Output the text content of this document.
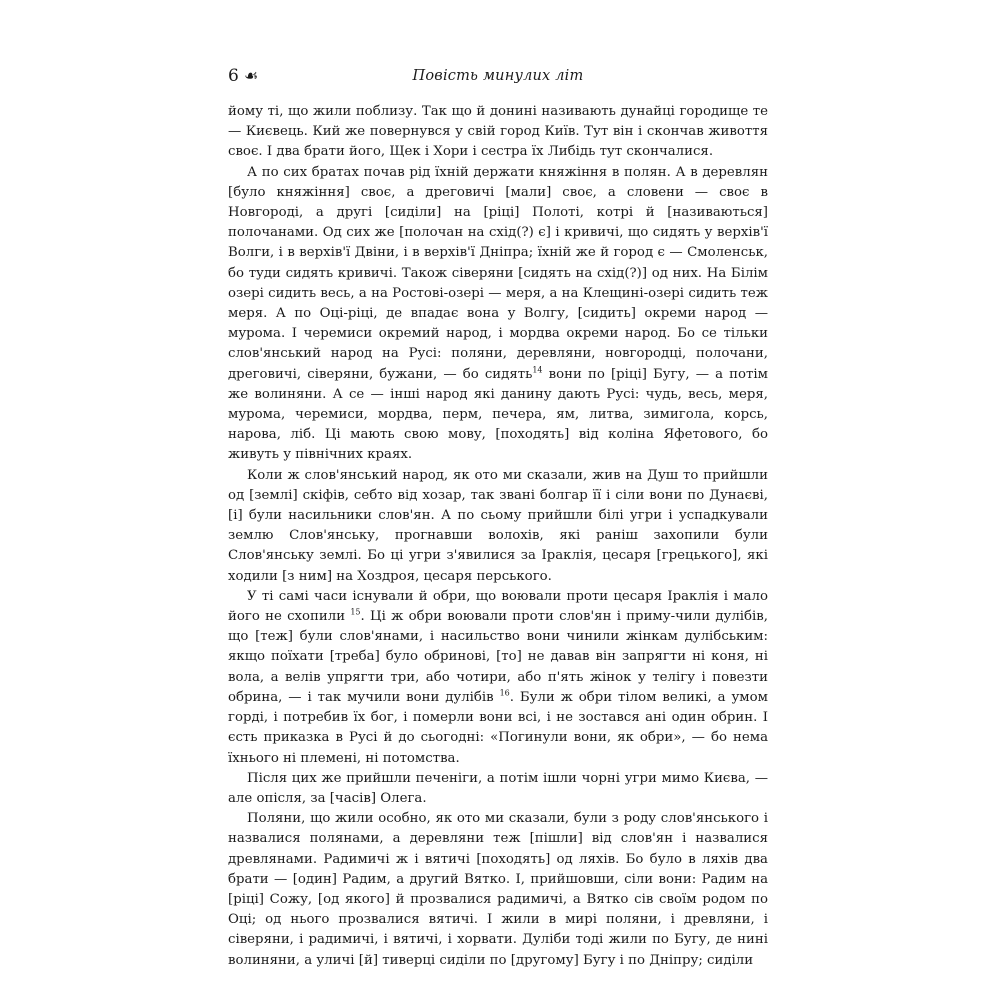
6 ☙	Повість минулих літ

йому ті, що жили поблизу. Так що й донині називають дунайці городище те — Києвець. Кий же повернувся у свій город Київ. Тут він і скончав живоття своє. І два брати його, Щек і Хори і сестра їх Либідь тут скончалися.

А по сих братах почав рід їхній держати княжіння в полян. А в деревлян [було княжіння] своє, а дреговичі [мали] своє, а словени — своє в Новгороді, а другі [сиділи] на [ріці] Полоті, котрі й [називаються] полочанами. Од сих же [полочан на схід(?) є] і кривичі, що сидять у верхів'ї Волги, і в верхів'ї Двіни, і в верхів'ї Дніпра; їхній же й город є — Смоленськ, бо туди сидять кривичі. Також сіверяни [сидять на схід(?)] од них. На Білім озері сидить весь, а на Ростові-озері — меря, а на Клещині-озері сидить теж меря. А по Оці-ріці, де впадає вона у Волгу, [сидить] окреми народ — мурома. І черемиси окремий народ, і мордва окреми народ. Бо се тільки слов'янський народ на Русі: поляни, деревляни, новгородці, полочани, дреговичі, сіверяни, бужани, — бо сидять$^{14}$ вони по [ріці] Бугу, — а потім же волиняни. А се — інші народ які данину дають Русі: чудь, весь, меря, мурома, черемиси, мордва, перм, печера, ям, литва, зимигола, корсь, нарова, ліб. Ці мають свою мову, [походять] від коліна Яфетового, бо живуть у північних краях.

Коли ж слов'янський народ, як ото ми сказали, жив на Душ то прийшли од [землі] скіфів, себто від хозар, так звані болгар її і сіли вони по Дунаєві, [і] були насильники слов'ян. А по сьому прийшли білі угри і успадкували землю Слов'янську, прогнавши волохів, які раніш захопили були Слов'янську землі. Бо ці угри з'явилися за Іраклія, цесаря [грецького], які ходили [з ним] на Хоздроя, цесаря перського.

У ті самі часи існували й обри, що воювали проти цесаря Іраклія і мало його не схопили $^{15}$. Ці ж обри воювали проти слов'ян і приму-чили дулібів, що [теж] були слов'янами, і насильство вони чинили жінкам дулібським: якщо поїхати [треба] було обринові, [то] не давав він запрягти ні коня, ні вола, а велів упрягти три, або чотири, або п'ять жінок у телігу і повезти обрина, — і так мучили вони дулібів $^{16}$. Були ж обри тілом великі, а умом горді, і потребив їх бог, і померли вони всі, і не зостався ані один обрин. І єсть приказка в Русі й до сьогодні: «Погинули вони, як обри», — бо нема їхнього ні племені, ні потомства.

Після цих же прийшли печеніги, а потім ішли чорні угри мимо Києва, — але опісля, за [часів] Олега.

Поляни, що жили особно, як ото ми сказали, були з роду слов'янського і назвалися полянами, а деревляни теж [пішли] від слов'ян і назвалися древлянами. Радимичі ж і вятичі [походять] од ляхів. Бо було в ляхів два брати — [один] Радим, а другий Вятко. І, прийшовши, сіли вони: Радим на [ріці] Сожу, [од якого] й прозвалися радимичі, а Вятко сів своїм родом по Оці; од нього прозвалися вятичі. І жили в мирі поляни, і древляни, і сіверяни, і радимичі, і вятичі, і хорвати. Дуліби тоді жили по Бугу, де нині волиняни, а уличі [й] тиверці сиділи по [другому] Бугу і по Дніпру; сиділи
